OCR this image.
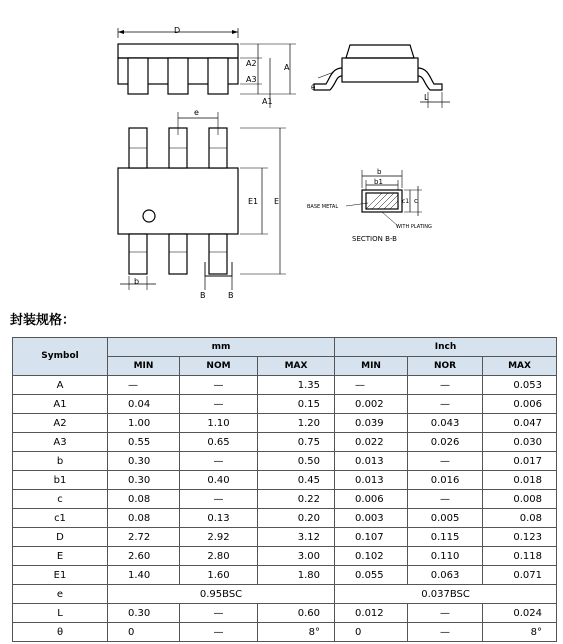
D
A2
A3
A
A1
e
E1 E
b
B	B
L
θ
b
b1
c1 c
BASE METAL
WITH PLATING
SECTION B-B
封装规格：
Symbol	mm			Inch		
	MIN	NOM	MAX	MIN	NOR	MAX
A	—	—	1.35	—	—	0.053
A1	0.04	—	0.15	0.002	—	0.006
A2	1.00	1.10	1.20	0.039	0.043	0.047
A3	0.55	0.65	0.75	0.022	0.026	0.030
b	0.30	—	0.50	0.013	—	0.017
b1	0.30	0.40	0.45	0.013	0.016	0.018
c	0.08	—	0.22	0.006	—	0.008
c1	0.08	0.13	0.20	0.003	0.005	0.08
D	2.72	2.92	3.12	0.107	0.115	0.123
E	2.60	2.80	3.00	0.102	0.110	0.118
E1	1.40	1.60	1.80	0.055	0.063	0.071
e	0.95BSC			0.037BSC		
L	0.30	—	0.60	0.012	—	0.024
θ	0	—	8°	0	—	8°
